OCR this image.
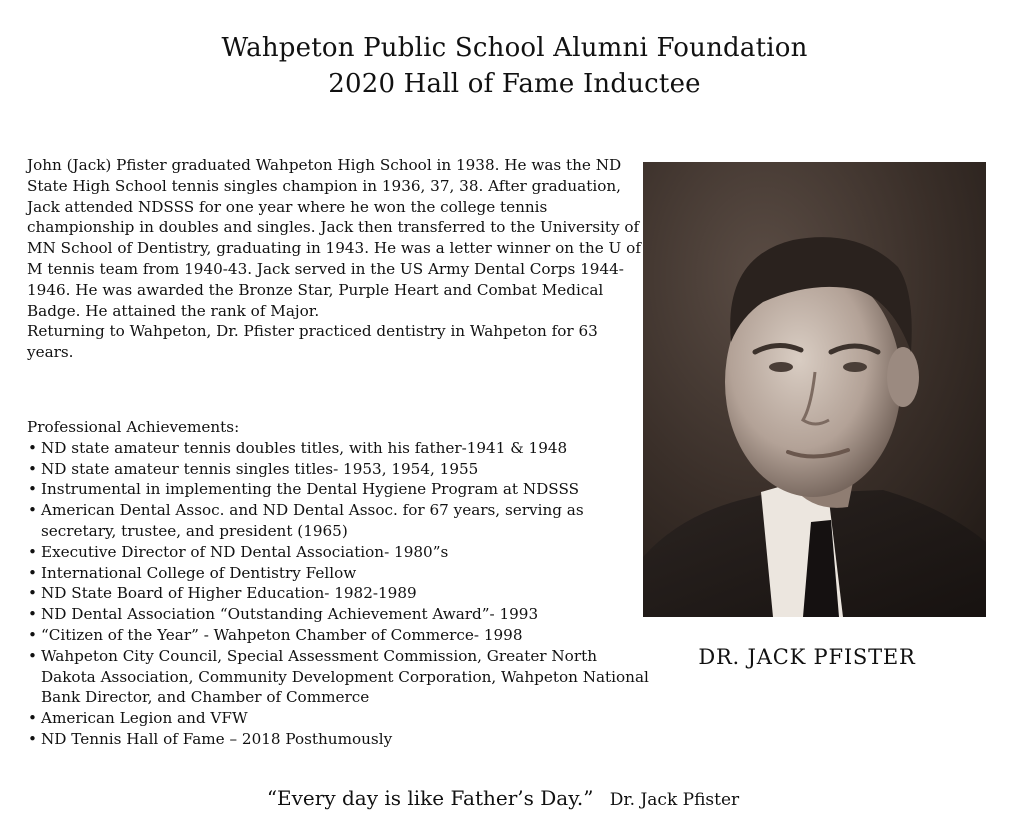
Wahpeton Public School Alumni Foundation
2020 Hall of Fame Inductee

John (Jack) Pfister graduated Wahpeton High School in 1938. He was the ND State High School tennis singles champion in 1936, 37, 38. After graduation, Jack attended NDSSS for one year where he won the college tennis championship in doubles and singles. Jack then transferred to the University of MN School of Dentistry, graduating in 1943. He was a letter winner on the U of M tennis team from 1940-43. Jack served in the US Army Dental Corps 1944-1946. He was awarded the Bronze Star, Purple Heart and Combat Medical Badge. He attained the rank of Major.

Returning to Wahpeton, Dr. Pfister practiced dentistry in Wahpeton for 63 years.

Professional Achievements:

• ND state amateur tennis doubles titles, with his father-1941 & 1948
• ND state amateur tennis singles titles- 1953, 1954, 1955
• Instrumental in implementing the Dental Hygiene Program at NDSSS
• American Dental Assoc. and ND Dental Assoc. for 67 years, serving as secretary, trustee, and president (1965)
• Executive Director of ND Dental Association- 1980”s
• International College of Dentistry Fellow
• ND State Board of Higher Education- 1982-1989
• ND Dental Association “Outstanding Achievement Award”- 1993
• “Citizen of the Year” - Wahpeton Chamber of Commerce- 1998
• Wahpeton City Council, Special Assessment Commission, Greater North Dakota Association, Community Development Corporation, Wahpeton National Bank Director, and Chamber of Commerce
• American Legion and VFW
• ND Tennis Hall of Fame – 2018 Posthumously
DR. JACK PFISTER
“Every day is like Father’s Day.” Dr. Jack Pfister
